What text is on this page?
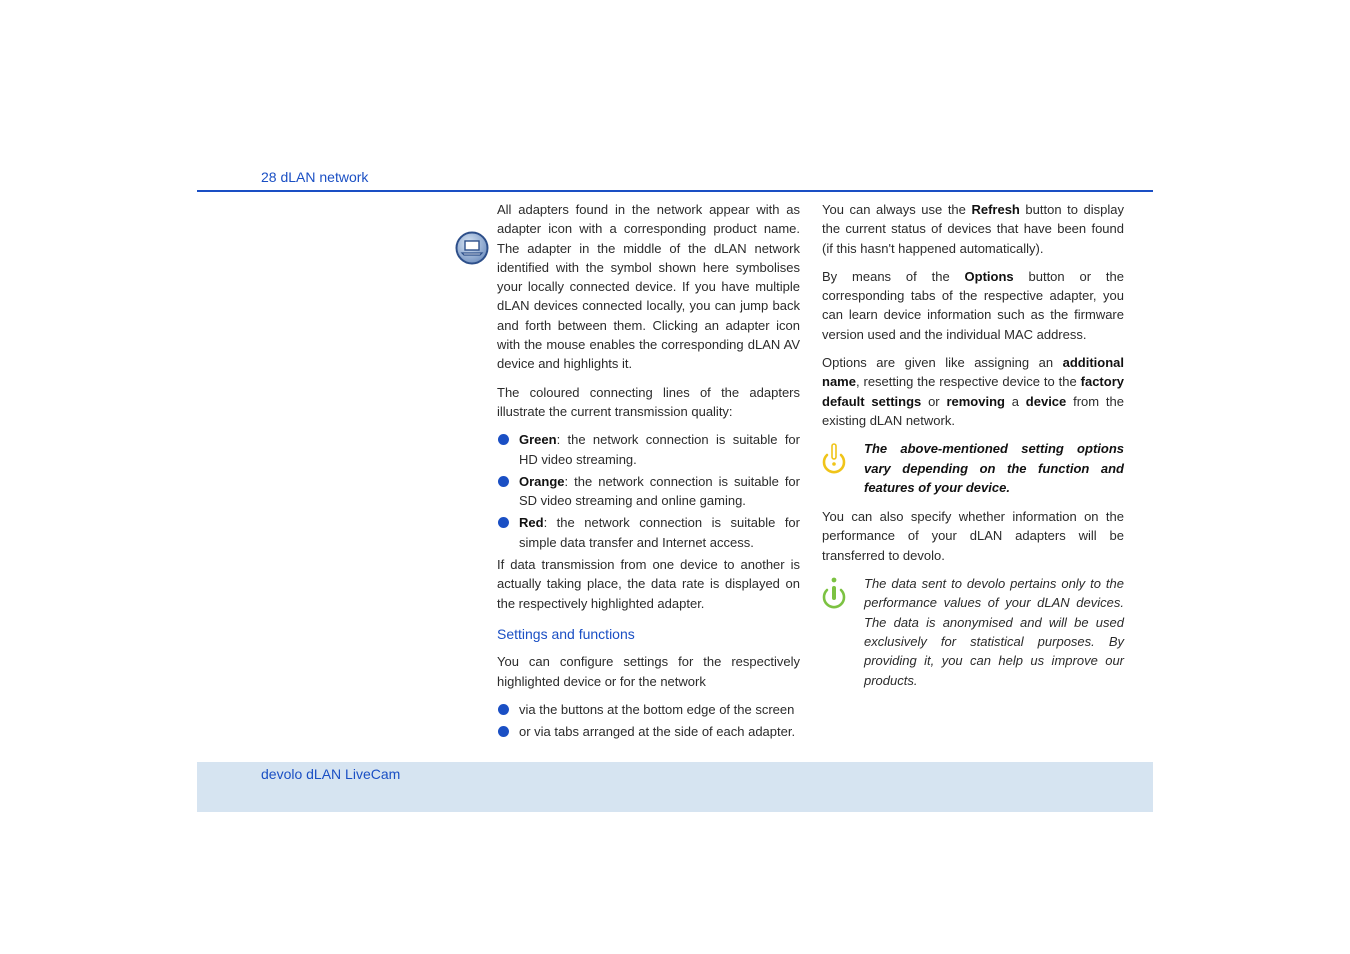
28 dLAN network

All adapters found in the network appear with as adapter icon with a corresponding product name. The adapter in the middle of the dLAN network identified with the symbol shown here symbolises your locally connected device. If you have multiple dLAN devices connected locally, you can jump back and forth between them. Clicking an adapter icon with the mouse enables the corresponding dLAN AV device and highlights it.

The coloured connecting lines of the adapters illustrate the current transmission quality:

Green: the network connection is suitable for HD video streaming.
Orange: the network connection is suitable for SD video streaming and online gaming.
Red: the network connection is suitable for simple data transfer and Internet access.

If data transmission from one device to another is actually taking place, the data rate is displayed on the respectively highlighted adapter.

Settings and functions

You can configure settings for the respectively highlighted device or for the network

via the buttons at the bottom edge of the screen
or via tabs arranged at the side of each adapter.

You can always use the Refresh button to display the current status of devices that have been found (if this hasn't happened automatically).

By means of the Options button or the corresponding tabs of the respective adapter, you can learn device information such as the firmware version used and the individual MAC address.

Options are given like assigning an additional name, resetting the respective device to the factory default settings or removing a device from the existing dLAN network.

The above-mentioned setting options vary depending on the function and features of your device.

You can also specify whether information on the performance of your dLAN adapters will be transferred to devolo.

The data sent to devolo pertains only to the performance values of your dLAN devices. The data is anonymised and will be used exclusively for statistical purposes. By providing it, you can help us improve our products.

devolo dLAN LiveCam
